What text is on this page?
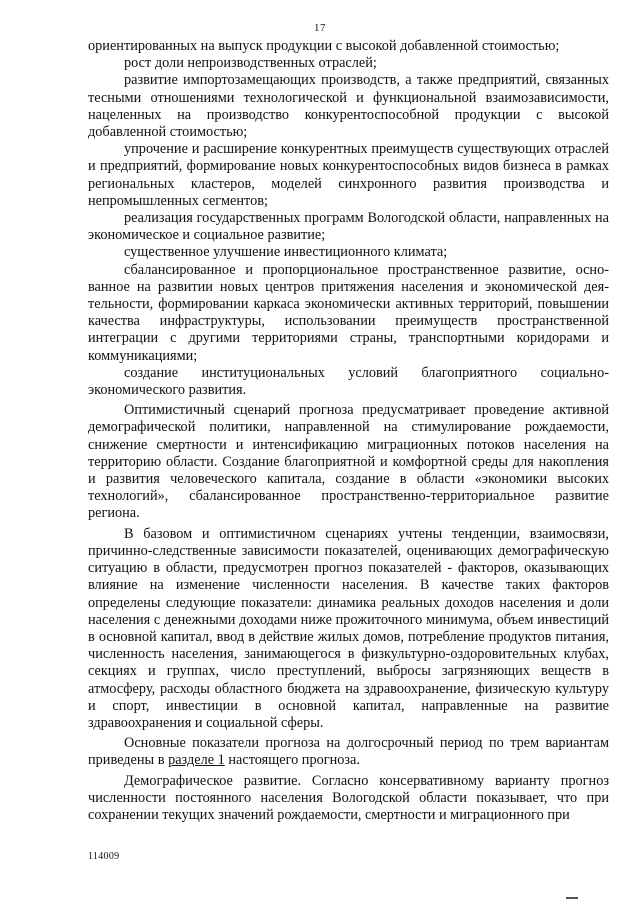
17

ориентированных на выпуск продукции с высокой добавленной стоимостью;

рост доли непроизводственных отраслей;

развитие импортозамещающих производств, а также предприятий, связанных тесными отношениями технологической и функциональной взаимозависимости, нацеленных на производство конкурентоспособной продукции с высокой добавленной стоимостью;

упрочение и расширение конкурентных преимуществ существующих отраслей и предприятий, формирование новых конкурентоспособных видов бизнеса в рамках региональных кластеров, моделей синхронного развития производства и непромышленных сегментов;

реализация государственных программ Вологодской области, направленных на экономическое и социальное развитие;

существенное улучшение инвестиционного климата;

сбалансированное и пропорциональное пространственное развитие, основанное на развитии новых центров притяжения населения и экономической деятельности, формировании каркаса экономически активных территорий, повышении качества инфраструктуры, использовании преимуществ пространственной интеграции с другими территориями страны, транспортными коридорами и коммуникациями;

создание институциональных условий благоприятного социально-экономического развития.

Оптимистичный сценарий прогноза предусматривает проведение активной демографической политики, направленной на стимулирование рождаемости, снижение смертности и интенсификацию миграционных потоков населения на территорию области. Создание благоприятной и комфортной среды для накопления и развития человеческого капитала, создание в области «экономики высоких технологий», сбалансированное пространственно-территориальное развитие региона.

В базовом и оптимистичном сценариях учтены тенденции, взаимосвязи, причинно-следственные зависимости показателей, оценивающих демографическую ситуацию в области, предусмотрен прогноз показателей - факторов, оказывающих влияние на изменение численности населения. В качестве таких факторов определены следующие показатели: динамика реальных доходов населения и доли населения с денежными доходами ниже прожиточного минимума, объем инвестиций в основной капитал, ввод в действие жилых домов, потребление продуктов питания, численность населения, занимающегося в физкультурно-оздоровительных клубах, секциях и группах, число преступлений, выбросы загрязняющих веществ в атмосферу, расходы областного бюджета на здравоохранение, физическую культуру и спорт, инвестиции в основной капитал, направленные на развитие здравоохранения и социальной сферы.

Основные показатели прогноза на долгосрочный период по трем вариантам приведены в разделе 1 настоящего прогноза.

Демографическое развитие. Согласно консервативному варианту прогноз численности постоянного населения Вологодской области показывает, что при сохранении текущих значений рождаемости, смертности и миграционного при

114009
